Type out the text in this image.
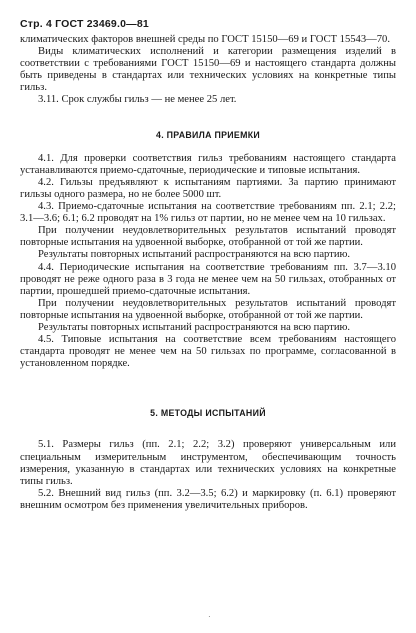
Стр. 4 ГОСТ 23469.0—81

климатических факторов внешней среды по ГОСТ 15150—69 и ГОСТ 15543—70.

Виды климатических исполнений и категории размещения изделий в соответствии с требованиями ГОСТ 15150—69 и настоящего стандарта должны быть приведены в стандартах или технических условиях на конкретные типы гильз.

3.11. Срок службы гильз — не менее 25 лет.

4. ПРАВИЛА ПРИЕМКИ

4.1. Для проверки соответствия гильз требованиям настоящего стандарта устанавливаются приемо-сдаточные, периодические и типовые испытания.

4.2. Гильзы предъявляют к испытаниям партиями. За партию принимают гильзы одного размера, но не более 5000 шт.

4.3. Приемо-сдаточные испытания на соответствие требованиям пп. 2.1; 2.2; 3.1—3.6; 6.1; 6.2 проводят на 1% гильз от партии, но не менее чем на 10 гильзах.

При получении неудовлетворительных результатов испытаний проводят повторные испытания на удвоенной выборке, отобранной от той же партии.

Результаты повторных испытаний распространяются на всю партию.

4.4. Периодические испытания на соответствие требованиям пп. 3.7—3.10 проводят не реже одного раза в 3 года не менее чем на 50 гильзах, отобранных от партии, прошедшей приемо-сдаточные испытания.

При получении неудовлетворительных результатов испытаний проводят повторные испытания на удвоенной выборке, отобранной от той же партии.

Результаты повторных испытаний распространяются на всю партию.

4.5. Типовые испытания на соответствие всем требованиям настоящего стандарта проводят не менее чем на 50 гильзах по программе, согласованной в установленном порядке.

5. МЕТОДЫ ИСПЫТАНИЙ

5.1. Размеры гильз (пп. 2.1; 2.2; 3.2) проверяют универсальным или специальным измерительным инструментом, обеспечивающим точность измерения, указанную в стандартах или технических условиях на конкретные типы гильз.

5.2. Внешний вид гильз (пп. 3.2—3.5; 6.2) и маркировку (п. 6.1) проверяют внешним осмотром без применения увеличительных приборов.

·
